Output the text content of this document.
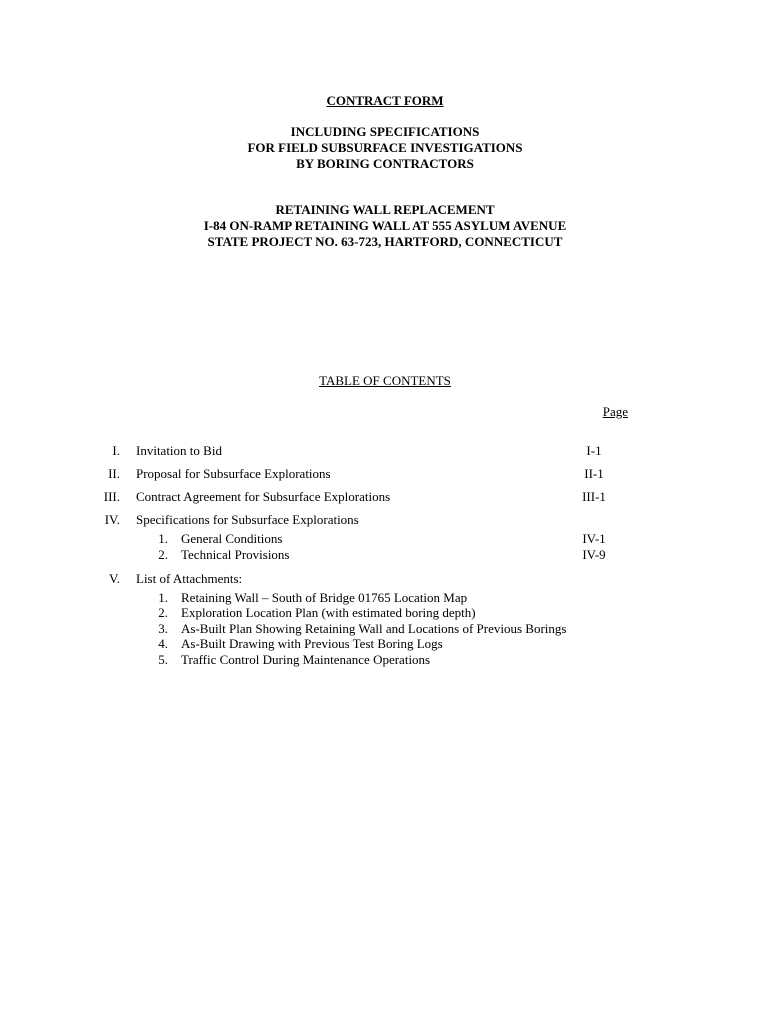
CONTRACT FORM
INCLUDING SPECIFICATIONS
FOR FIELD SUBSURFACE INVESTIGATIONS
BY BORING CONTRACTORS
RETAINING WALL REPLACEMENT
I-84 ON-RAMP RETAINING WALL AT 555 ASYLUM AVENUE
STATE PROJECT NO. 63-723, HARTFORD, CONNECTICUT
TABLE OF CONTENTS
Page
I. Invitation to Bid	I-1
II. Proposal for Subsurface Explorations	II-1
III. Contract Agreement for Subsurface Explorations	III-1
IV. Specifications for Subsurface Explorations
1. General Conditions	IV-1
2. Technical Provisions	IV-9
V. List of Attachments:
1. Retaining Wall – South of Bridge 01765 Location Map
2. Exploration Location Plan (with estimated boring depth)
3. As-Built Plan Showing Retaining Wall and Locations of Previous Borings
4. As-Built Drawing with Previous Test Boring Logs
5. Traffic Control During Maintenance Operations
